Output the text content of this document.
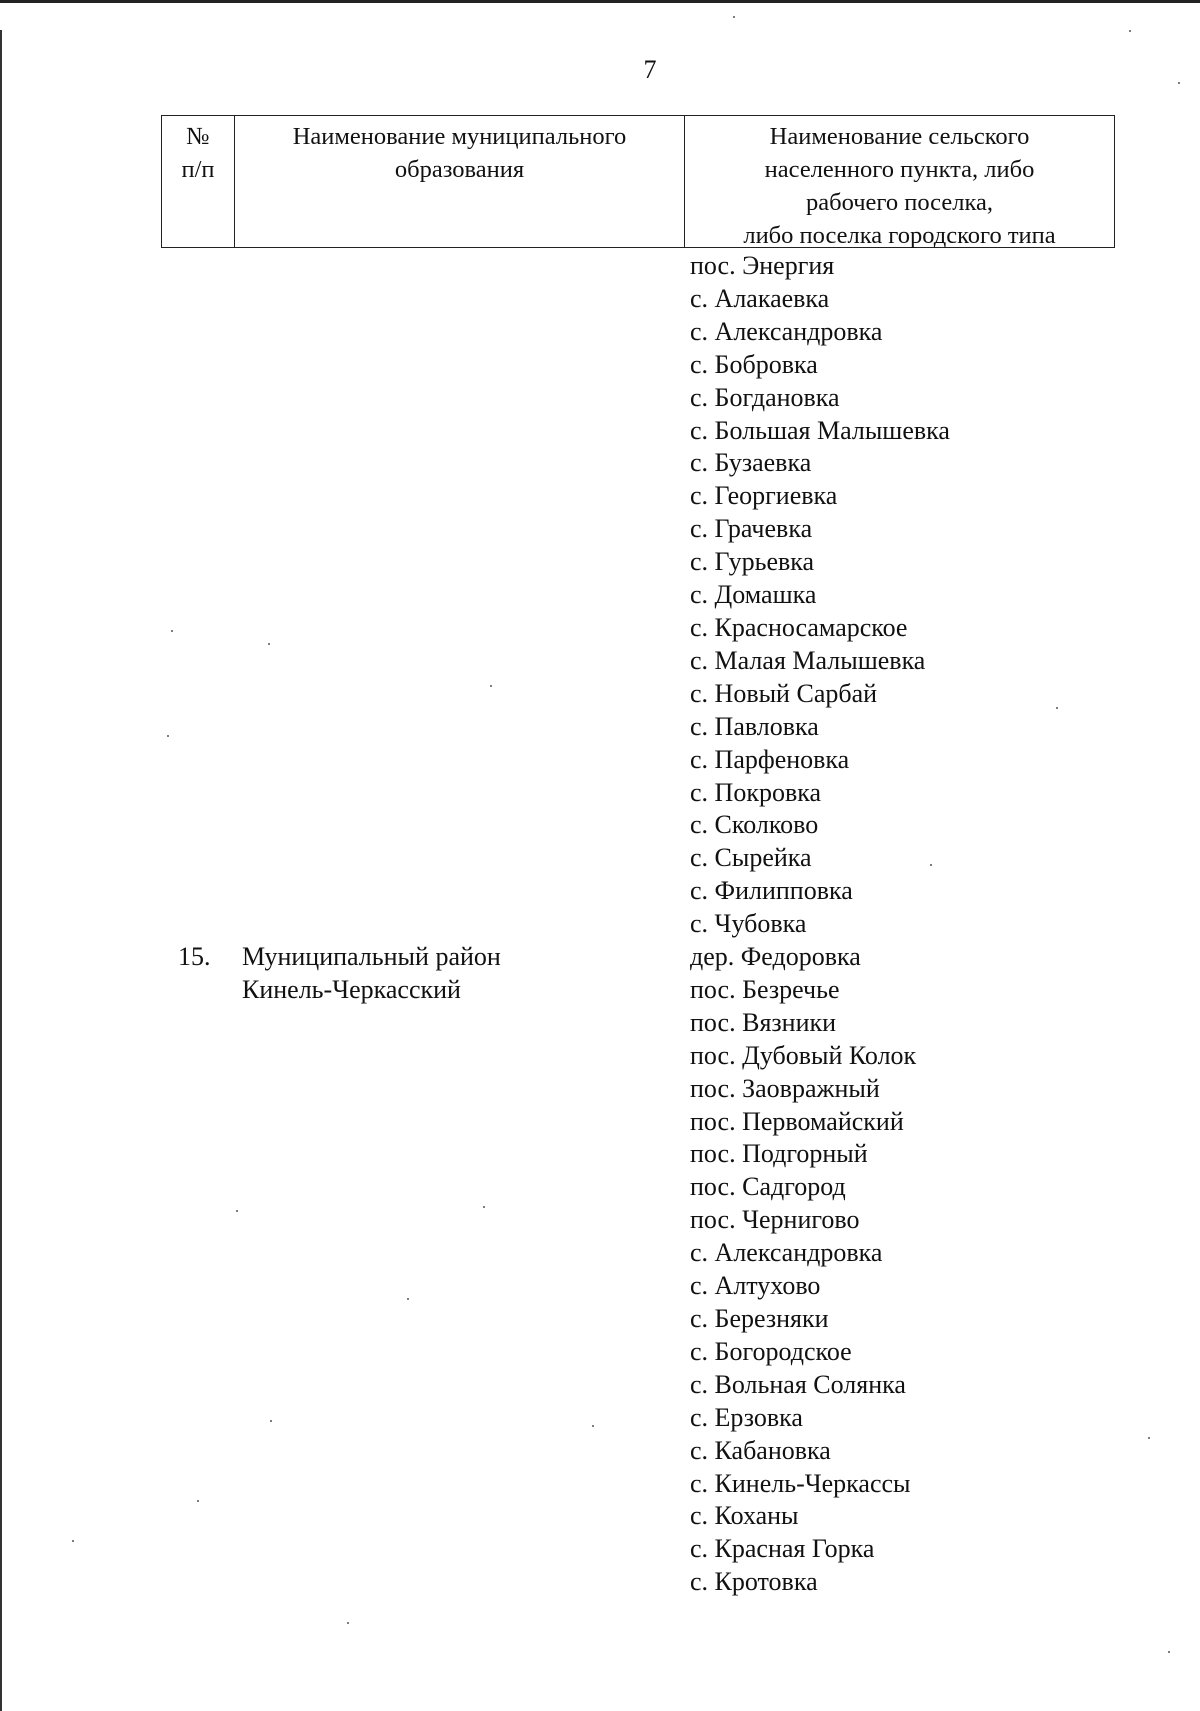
7
№
п/п
Наименование муниципального
образования
Наименование сельского
населенного пункта, либо
рабочего поселка,
либо поселка городского типа
15. Муниципальный район
Кинель-Черкасский
пос. Энергия
с. Алакаевка
с. Александровка
с. Бобровка
с. Богдановка
с. Большая Малышевка
с. Бузаевка
с. Георгиевка
с. Грачевка
с. Гурьевка
с. Домашка
с. Красносамарское
с. Малая Малышевка
с. Новый Сарбай
с. Павловка
с. Парфеновка
с. Покровка
с. Сколково
с. Сырейка
с. Филипповка
с. Чубовка
дер. Федоровка
пос. Безречье
пос. Вязники
пос. Дубовый Колок
пос. Заовражный
пос. Первомайский
пос. Подгорный
пос. Садгород
пос. Чернигово
с. Александровка
с. Алтухово
с. Березняки
с. Богородское
с. Вольная Солянка
с. Ерзовка
с. Кабановка
с. Кинель-Черкассы
с. Коханы
с. Красная Горка
с. Кротовка
